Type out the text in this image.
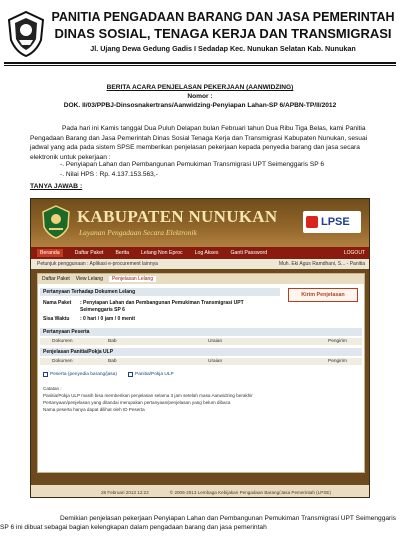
PANITIA PENGADAAN BARANG DAN JASA PEMERINTAH
DINAS SOSIAL, TENAGA KERJA DAN TRANSMIGRASI
Jl. Ujang Dewa Gedung Gadis I Sedadap Kec. Nunukan Selatan Kab. Nunukan
BERITA ACARA PENJELASAN PEKERJAAN (AANWIDZING)
Nomor :
DOK. II/03/PPBJ-Dinsosnakertrans/Aanwidzing-Penyiapan Lahan-SP 6/APBN-TP/II/2012
Pada hari ini Kamis tanggal Dua Puluh Delapan bulan Februari tahun Dua Ribu Tiga Belas, kami Panitia Pengadaan Barang dan Jasa Pemerintah Dinas Sosial Tenaga Kerja dan Transmigrasi Kabupaten Nunukan, sesuai jadwal yang ada pada sistem SPSE memberikan penjelasan pekerjaan kepada penyedia barang dan jasa secara elektronik untuk pekerjaan :
-. Penyiapan Lahan dan Pembangunan Pemukiman Transmigrasi UPT Seimenggaris SP 6
-. Nilai HPS : Rp. 4.137.153.563,-
TANYA JAWAB :
KABUPATEN NUNUKAN
Layanan Pengadaan Secara Elektronik
LPSE
Beranda	Daftar Paket Berita Lelang Non Eproc Log Akses Ganti Password	LOGOUT
Petunjuk penggunaan : Aplikasi e-procurement lainnya	Muh. Eki Agus Ramdhani, S... - Panitia
Daftar Paket View Lelang	Penjelasan Lelang
Pertanyaan Terhadap Dokumen Lelang	Kirim Penjelasan
Nama Paket : Penyiapan Lahan dan Pembangunan Pemukiman Transmigrasi UPT Seimenggaris SP 6
Sisa Waktu : 0 hari / 0 jam / 0 menit
Pertanyaan Peserta
Dokumen	Bab	Uraian	Pengirim
Penjelasan Panitia/Pokja ULP
Dokumen	Bab	Uraian	Pengirim
Peserta (penyedia barang/jasa)	Panitia/Pokja ULP
Catatan :
Panitia/Pokja ULP masih bisa memberikan penjelasan selama 3 jam setelah masa Aanwidzing berakhir
Pertanyaan/penjelasan yang ditandai merupakan pertanyaan/penjelasan yang belum dibaca
Nama peserta hanya dapat dilihat oleh ID Peserta
28 Februari 2013 12:22	© 2006-2013 Lembaga Kebijakan Pengadaan Barang/Jasa Pemerintah (LPSE)
Demikian penjelasan pekerjaan Penyiapan Lahan dan Pembangunan Pemukiman Transmigrasi UPT Seimenggaris SP 6 ini dibuat sebagai bagian kelengkapan dalam pengadaan barang dan jasa pemerintah
